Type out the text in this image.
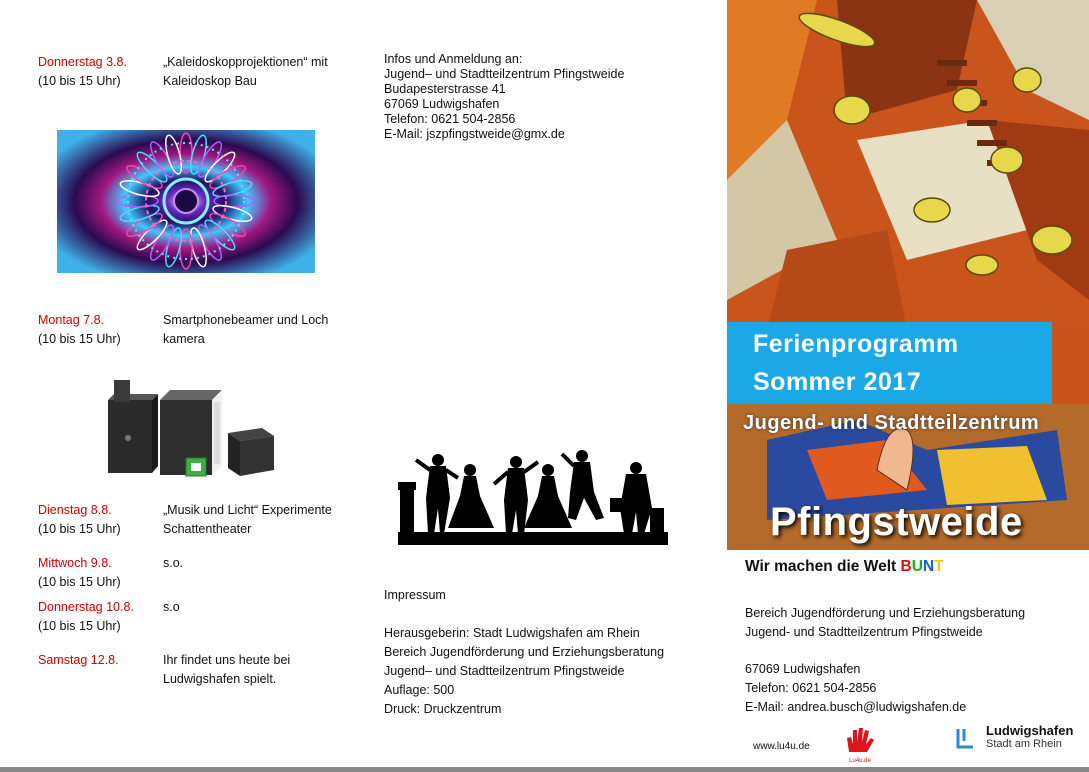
Donnerstag 3.8.
(10 bis 15 Uhr)
„Kaleidoskopprojektionen“ mit
Kaleidoskop Bau
Montag 7.8.
(10 bis 15 Uhr)
Smartphonebeamer und Loch
kamera
Dienstag 8.8.
(10 bis 15 Uhr)
„Musik und Licht“ Experimente
Schattentheater
Mittwoch 9.8.
(10 bis 15 Uhr)
s.o.
Donnerstag 10.8.
(10 bis 15 Uhr)
s.o
Samstag 12.8.	Ihr findet uns heute bei
Ludwigshafen spielt.
Infos und Anmeldung an:
Jugend– und Stadtteilzentrum Pfingstweide
Budapesterstrasse 41
67069 Ludwigshafen
Telefon: 0621 504-2856
E-Mail: jszpfingstweide@gmx.de
Impressum
Herausgeberin: Stadt Ludwigshafen am Rhein
Bereich Jugendförderung und Erziehungsberatung
Jugend– und Stadtteilzentrum Pfingstweide
Auflage: 500
Druck: Druckzentrum
Ferienprogramm
Sommer 2017
Jugend- und Stadtteilzentrum
Pfingstweide
Wir machen die Welt BUNT
Bereich Jugendförderung und Erziehungsberatung
Jugend- und Stadtteilzentrum Pfingstweide
67069 Ludwigshafen
Telefon: 0621 504-2856
E-Mail: andrea.busch@ludwigshafen.de
www.lu4u.de
Lu4u.de
Ludwigshafen
Stadt am Rhein
